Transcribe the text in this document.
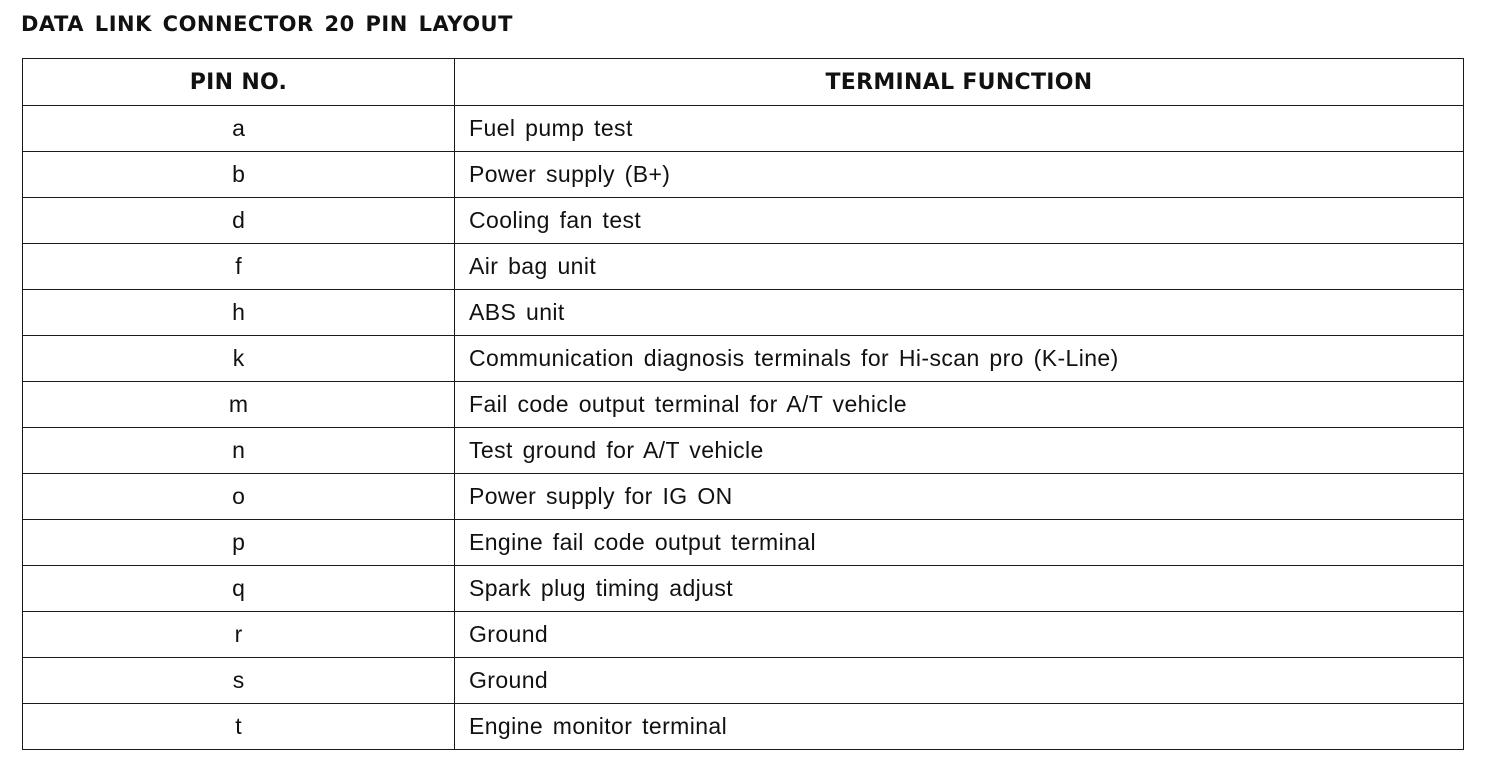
DATA LINK CONNECTOR 20 PIN LAYOUT
PIN NO.	TERMINAL FUNCTION
a	Fuel pump test
b	Power supply (B+)
d	Cooling fan test
f	Air bag unit
h	ABS unit
k	Communication diagnosis terminals for Hi-scan pro (K-Line)
m	Fail code output terminal for A/T vehicle
n	Test ground for A/T vehicle
o	Power supply for IG ON
p	Engine fail code output terminal
q	Spark plug timing adjust
r	Ground
s	Ground
t	Engine monitor terminal
